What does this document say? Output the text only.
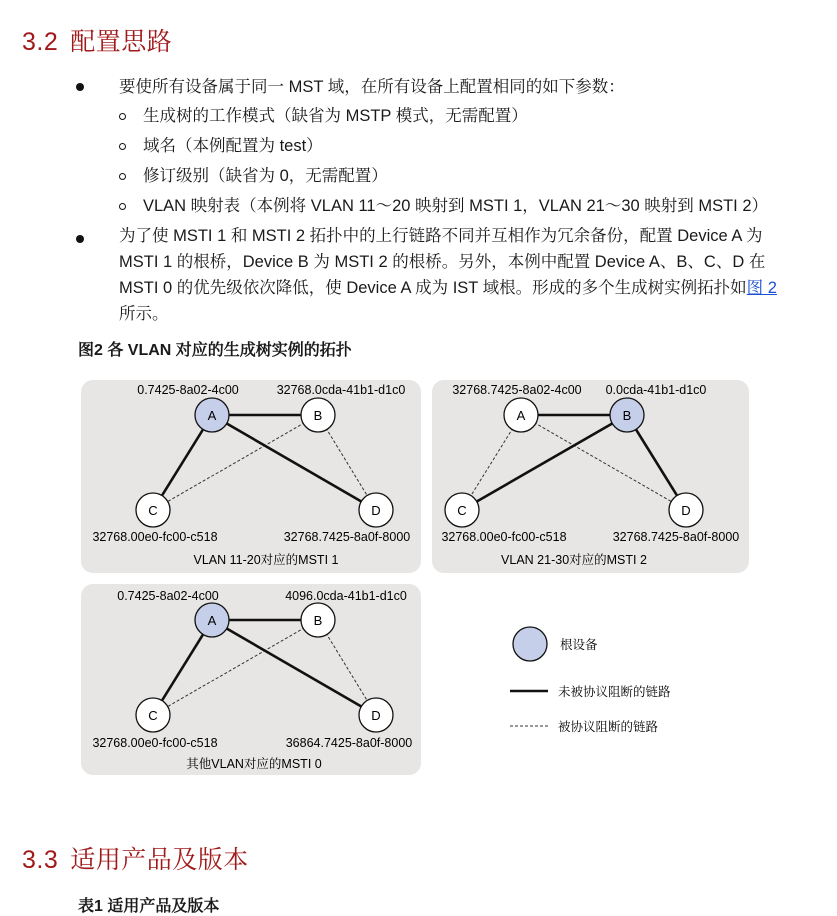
3.2 配置思路
要使所有设备属于同一 MST 域，在所有设备上配置相同的如下参数：
生成树的工作模式（缺省为 MSTP 模式，无需配置）
域名（本例配置为 test）
修订级别（缺省为 0，无需配置）
VLAN 映射表（本例将 VLAN 11～20 映射到 MSTI 1，VLAN 21～30 映射到 MSTI 2）
为了使 MSTI 1 和 MSTI 2 拓扑中的上行链路不同并互相作为冗余备份，配置 Device A 为
MSTI 1 的根桥，Device B 为 MSTI 2 的根桥。另外，本例中配置 Device A、B、C、D 在
MSTI 0 的优先级依次降低，使 Device A 成为 IST 域根。形成的多个生成树实例拓扑如图 2
所示。
图2 各 VLAN 对应的生成树实例的拓扑
A	B
C	D
0.7425-8a02-4c00	32768.0cda-41b1-d1c0
32768.00e0-fc00-c518	32768.7425-8a0f-8000
VLAN 11-20对应的MSTI 1
A	B
C	D
32768.7425-8a02-4c00 0.0cda-41b1-d1c0
32768.00e0-fc00-c518	32768.7425-8a0f-8000
VLAN 21-30对应的MSTI 2
A	B
C	D
0.7425-8a02-4c00	4096.0cda-41b1-d1c0
32768.00e0-fc00-c518	36864.7425-8a0f-8000
其他VLAN对应的MSTI 0
根设备
未被协议阻断的链路
被协议阻断的链路
3.3 适用产品及版本
表1 适用产品及版本
